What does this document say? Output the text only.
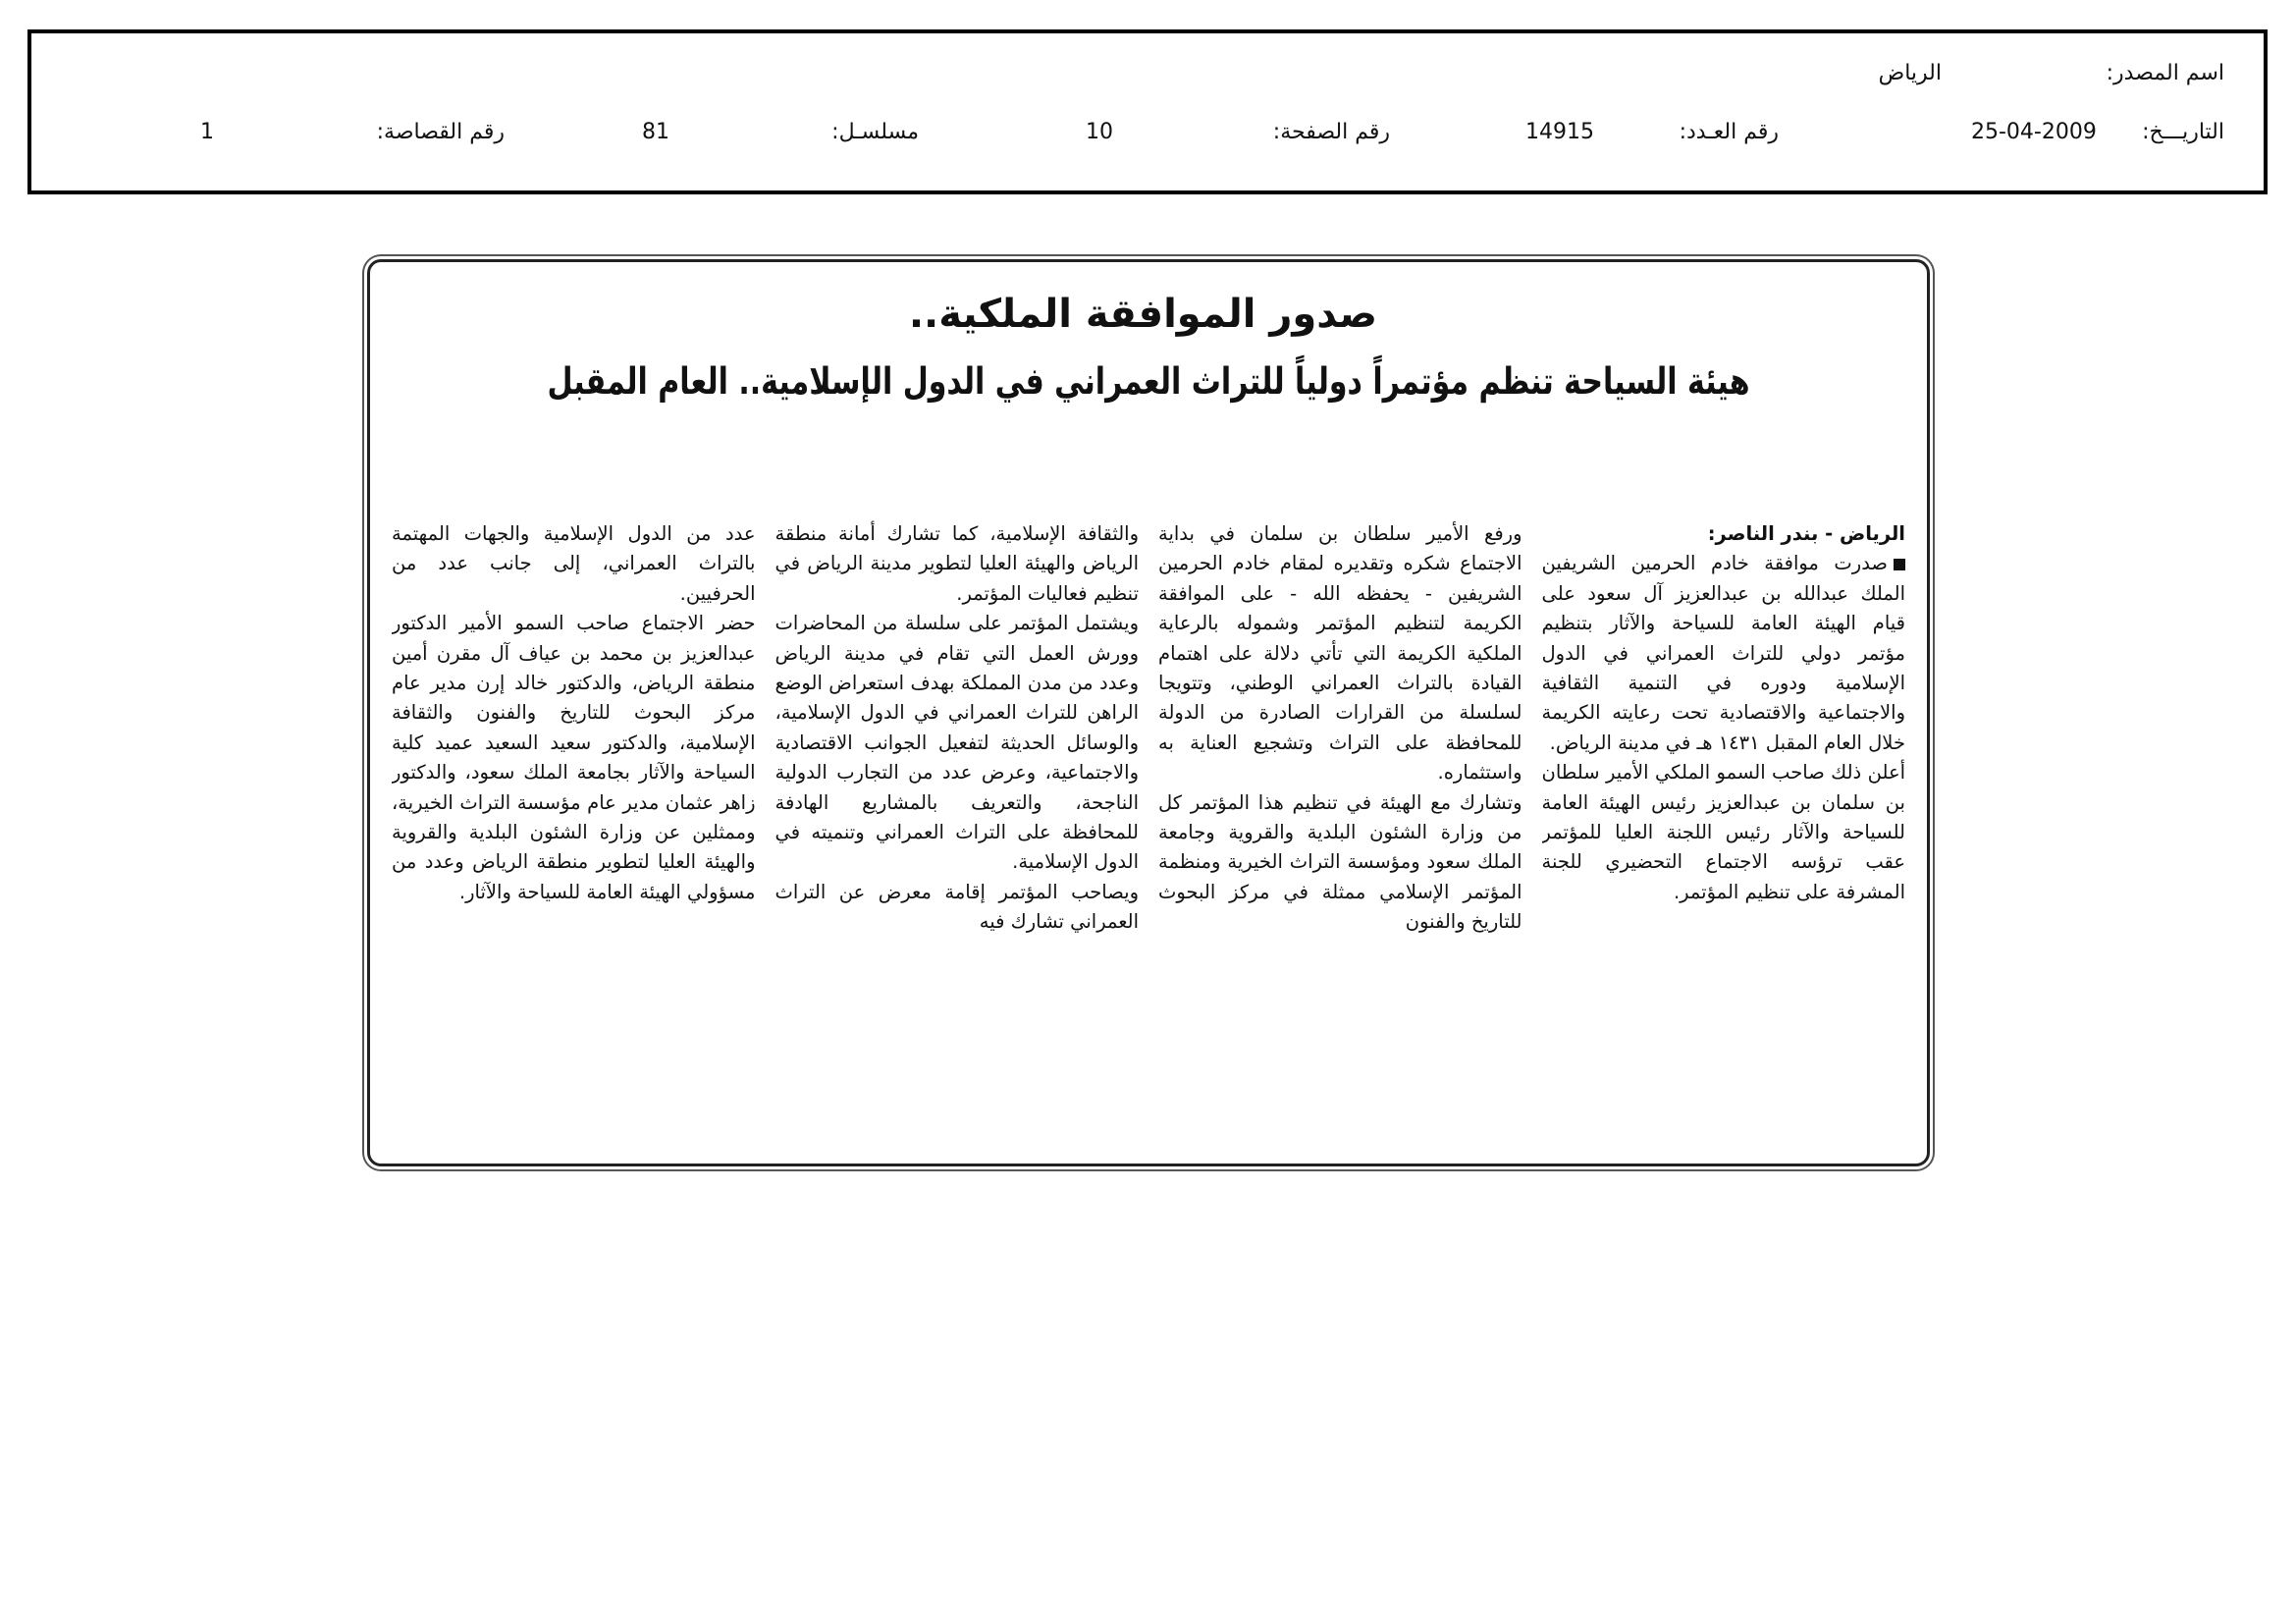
اسم المصدر:
الرياض
التاريـــخ:
25-04-2009
رقم العـدد:
14915
رقم الصفحة:
10
مسلسـل:
81
رقم القصاصة:
1
صدور الموافقة الملكية..
هيئة السياحة تنظم مؤتمراً دولياً للتراث العمراني في الدول الإسلامية.. العام المقبل

الرياض - بندر الناصر:

صدرت موافقة خادم الحرمين الشريفين الملك عبدالله بن عبدالعزيز آل سعود على قيام الهيئة العامة للسياحة والآثار بتنظيم مؤتمر دولي للتراث العمراني في الدول الإسلامية ودوره في التنمية الثقافية والاجتماعية والاقتصادية تحت رعايته الكريمة خلال العام المقبل ١٤٣١ هـ في مدينة الرياض.

أعلن ذلك صاحب السمو الملكي الأمير سلطان بن سلمان بن عبدالعزيز رئيس الهيئة العامة للسياحة والآثار رئيس اللجنة العليا للمؤتمر عقب ترؤسه الاجتماع التحضيري للجنة المشرفة على تنظيم المؤتمر.

ورفع الأمير سلطان بن سلمان في بداية الاجتماع شكره وتقديره لمقام خادم الحرمين الشريفين - يحفظه الله - على الموافقة الكريمة لتنظيم المؤتمر وشموله بالرعاية الملكية الكريمة التي تأتي دلالة على اهتمام القيادة بالتراث العمراني الوطني، وتتويجا لسلسلة من القرارات الصادرة من الدولة للمحافظة على التراث وتشجيع العناية به واستثماره.

وتشارك مع الهيئة في تنظيم هذا المؤتمر كل من وزارة الشئون البلدية والقروية وجامعة الملك سعود ومؤسسة التراث الخيرية ومنظمة المؤتمر الإسلامي ممثلة في مركز البحوث للتاريخ والفنون

والثقافة الإسلامية، كما تشارك أمانة منطقة الرياض والهيئة العليا لتطوير مدينة الرياض في تنظيم فعاليات المؤتمر.

ويشتمل المؤتمر على سلسلة من المحاضرات وورش العمل التي تقام في مدينة الرياض وعدد من مدن المملكة بهدف استعراض الوضع الراهن للتراث العمراني في الدول الإسلامية، والوسائل الحديثة لتفعيل الجوانب الاقتصادية والاجتماعية، وعرض عدد من التجارب الدولية الناجحة، والتعريف بالمشاريع الهادفة للمحافظة على التراث العمراني وتنميته في الدول الإسلامية.

ويصاحب المؤتمر إقامة معرض عن التراث العمراني تشارك فيه

عدد من الدول الإسلامية والجهات المهتمة بالتراث العمراني، إلى جانب عدد من الحرفيين.

حضر الاجتماع صاحب السمو الأمير الدكتور عبدالعزيز بن محمد بن عياف آل مقرن أمين منطقة الرياض، والدكتور خالد إرن مدير عام مركز البحوث للتاريخ والفنون والثقافة الإسلامية، والدكتور سعيد السعيد عميد كلية السياحة والآثار بجامعة الملك سعود، والدكتور زاهر عثمان مدير عام مؤسسة التراث الخيرية، وممثلين عن وزارة الشئون البلدية والقروية والهيئة العليا لتطوير منطقة الرياض وعدد من مسؤولي الهيئة العامة للسياحة والآثار.
